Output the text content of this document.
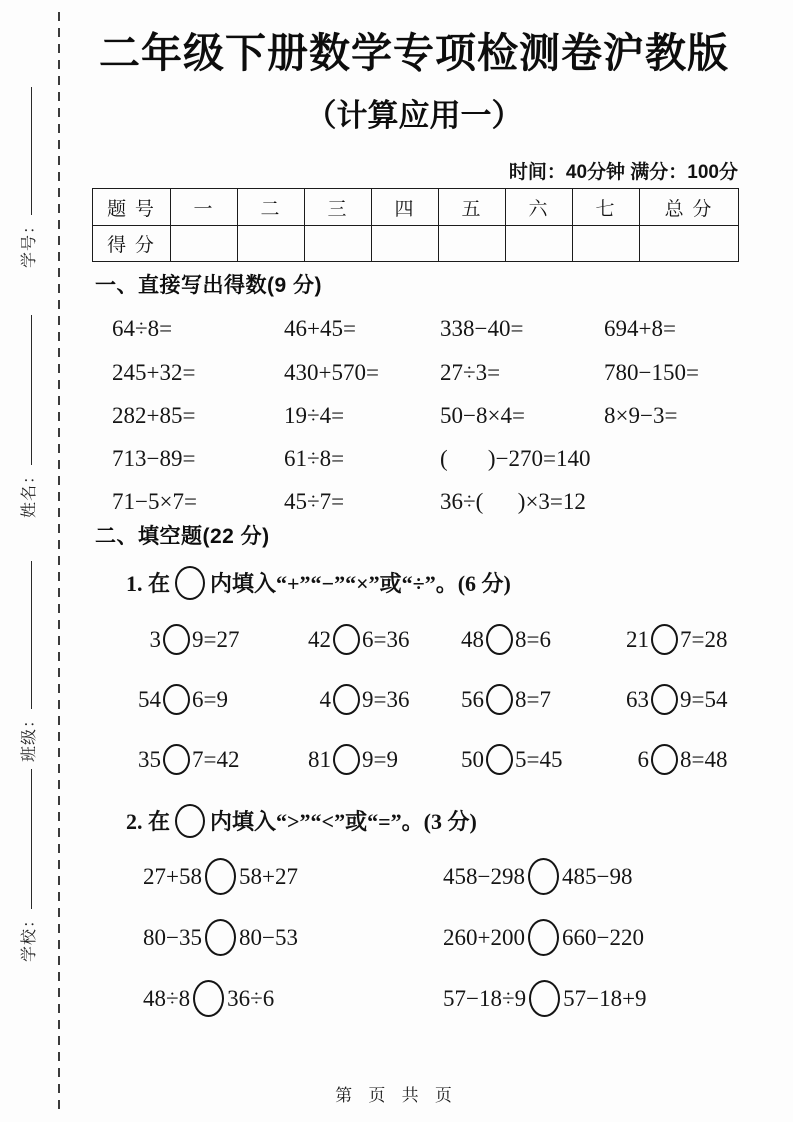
学号：
姓名：
班级：
学校：
二年级下册数学专项检测卷沪教版
（计算应用一）
时间：40分钟 满分：100分
题 号	一	二	三	四	五	六	七	总 分
得 分								
一、直接写出得数(9 分)
64÷8=	46+45=	338−40=	694+8=
245+32=	430+570=	27÷3=	780−150=
282+85=	19÷4=	50−8×4=	8×9−3=
713−89=	61÷8=	(       )−270=140
71−5×7=	45÷7=	36÷(      )×3=12
二、填空题(22 分)
1. 在 内填入“+”“−”“×”或“÷”。(6 分)
3 9=27	42 6=36	48 8=6	21 7=28
54 6=9	4 9=36	56 8=7	63 9=54
35 7=42	81 9=9	50 5=45	6 8=48
2. 在 内填入“>”“<”或“=”。(3 分)
27+58 58+27	458−298 485−98
80−35 80−53	260+200 660−220
48÷8 36÷6	57−18÷9 57−18+9
第 页 共 页
